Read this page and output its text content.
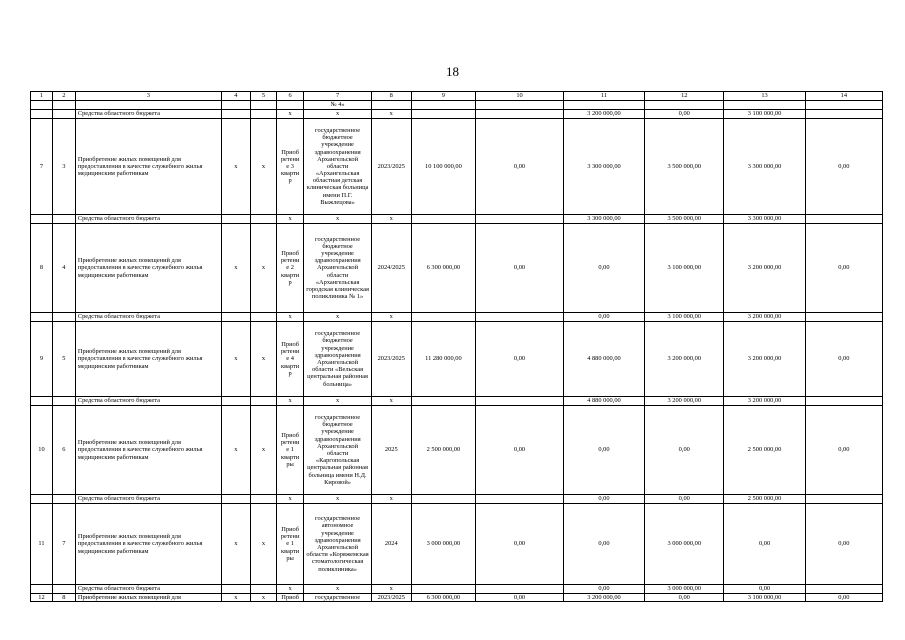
18
1	2	3	4	5	6	7	8	9	10	11	12	13	14
						№ 4»							
		Средства областного бюджета			х	х	х			3 200 000,00	0,00	3 100 000,00	
7	3	Приобретение жилых помещений для предоставления в качестве служебного жилья медицинским работникам	х	х	Приоб ретени е 3 кварти р	государственное бюджетное учреждение здравоохранения Архангельской области «Архангельская областная детская клиническая больница имени П.Г. Выжлецова»	2023/2025	10 100 000,00	0,00	3 300 000,00	3 500 000,00	3 300 000,00	0,00
		Средства областного бюджета			х	х	х			3 300 000,00	3 500 000,00	3 300 000,00	
8	4	Приобретение жилых помещений для предоставления в качестве служебного жилья медицинским работникам	х	х	Приоб ретени е 2 кварти р	государственное бюджетное учреждение здравоохранения Архангельской области «Архангельская городская клиническая поликлиника № 1»	2024/2025	6 300 000,00	0,00	0,00	3 100 000,00	3 200 000,00	0,00
		Средства областного бюджета			х	х	х			0,00	3 100 000,00	3 200 000,00	
9	5	Приобретение жилых помещений для предоставления в качестве служебного жилья медицинским работникам	х	х	Приоб ретени е 4 кварти р	государственное бюджетное учреждение здравоохранения Архангельской области «Вельская центральная районная больница»	2023/2025	11 280 000,00	0,00	4 880 000,00	3 200 000,00	3 200 000,00	0,00
		Средства областного бюджета			х	х	х			4 880 000,00	3 200 000,00	3 200 000,00	
10	6	Приобретение жилых помещений для предоставления в качестве служебного жилья медицинским работникам	х	х	Приоб ретени е 1 кварти ры	государственное бюджетное учреждение здравоохранения Архангельской области «Каргопольская центральная районная больница имени Н.Д. Кировой»	2025	2 500 000,00	0,00	0,00	0,00	2 500 000,00	0,00
		Средства областного бюджета			х	х	х			0,00	0,00	2 500 000,00	
11	7	Приобретение жилых помещений для предоставления в качестве служебного жилья медицинским работникам	х	х	Приоб ретени е 1 кварти ры	государственное автономное учреждение здравоохранения Архангельской области «Коряжемская стоматологическая поликлиника»	2024	3 000 000,00	0,00	0,00	3 000 000,00	0,00	0,00
		Средства областного бюджета			х	х	х			0,00	3 000 000,00	0,00	
12	8	Приобретение жилых помещений для	х	х	Приоб	государственное	2023/2025	6 300 000,00	0,00	3 200 000,00	0,00	3 100 000,00	0,00
